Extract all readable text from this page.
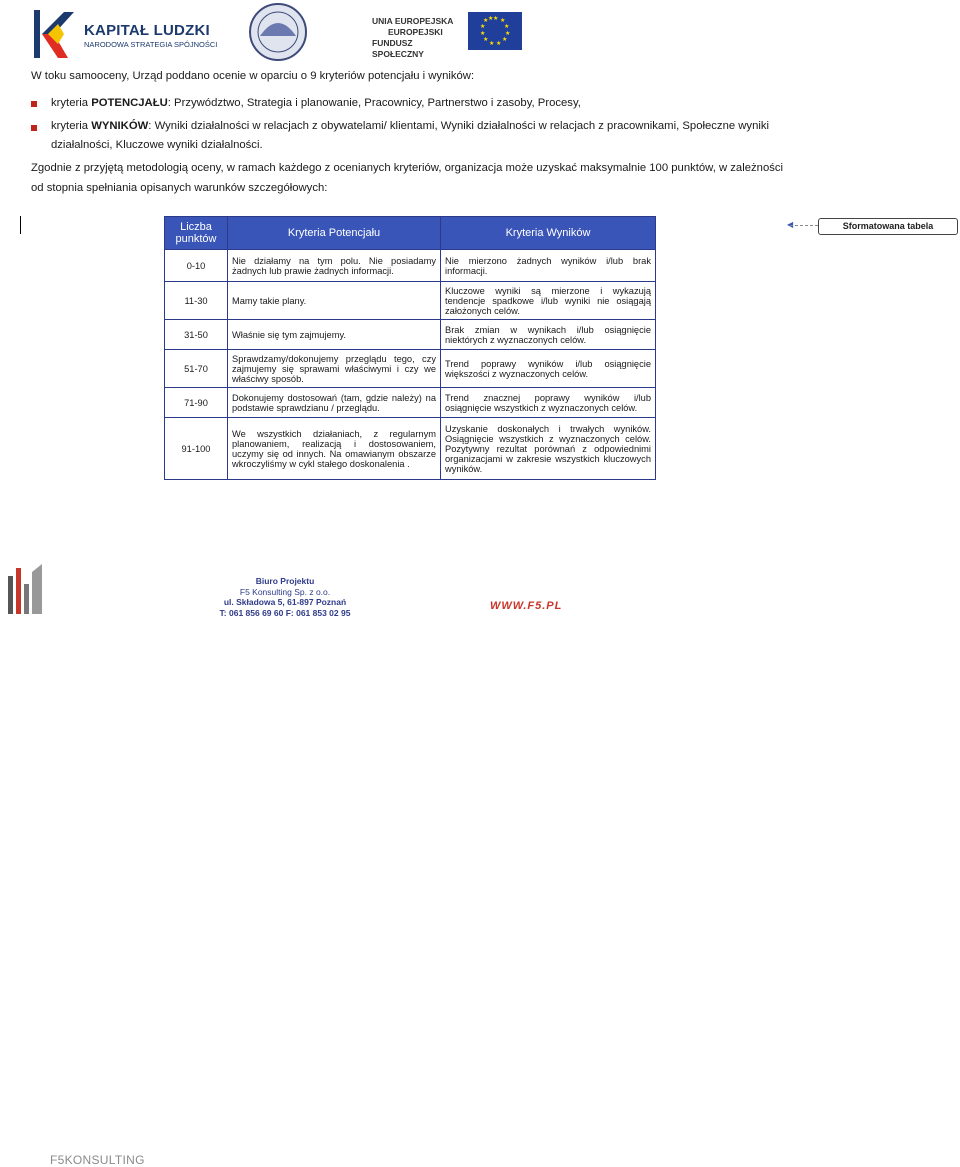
KAPITAŁ LUDZKI
NARODOWA STRATEGIA SPÓJNOŚCI
UNIA EUROPEJSKA
EUROPEJSKI
FUNDUSZ SPOŁECZNY
★ ★
★
★
★
★
★
★
★
★
★ ★
W toku samooceny, Urząd poddano ocenie w oparciu o 9 kryteriów potencjału i wyników:
kryteria POTENCJAŁU: Przywództwo, Strategia i planowanie, Pracownicy, Partnerstwo i zasoby, Procesy,
kryteria WYNIKÓW: Wyniki działalności w relacjach z obywatelami/ klientami, Wyniki działalności w relacjach z pracownikami, Społeczne wyniki
działalności, Kluczowe wyniki działalności.
Zgodnie z przyjętą metodologią oceny, w ramach każdego z ocenianych kryteriów, organizacja może uzyskać maksymalnie 100 punktów, w zależności od stopnia spełniania opisanych warunków szczegółowych:
Liczba punktów	Kryteria Potencjału	Kryteria Wyników
0-10	Nie działamy na tym polu. Nie posiadamy żadnych lub prawie żadnych informacji.	Nie mierzono żadnych wyników i/lub brak informacji.
11-30	Mamy takie plany.	Kluczowe wyniki są mierzone i wykazują tendencje spadkowe i/lub wyniki nie osiągają założonych celów.
31-50	Właśnie się tym zajmujemy.	Brak zmian w wynikach i/lub osiągnięcie niektórych z wyznaczonych celów.
51-70	Sprawdzamy/dokonujemy przeglądu tego, czy zajmujemy się sprawami właściwymi i czy we właściwy sposób.	Trend poprawy wyników i/lub osiągnięcie większości z wyznaczonych celów.
71-90	Dokonujemy dostosowań (tam, gdzie należy) na podstawie sprawdzianu / przeglądu.	Trend znacznej poprawy wyników i/lub osiągnięcie wszystkich z wyznaczonych celów.
91-100	We wszystkich działaniach, z regularnym planowaniem, realizacją i dostosowaniem, uczymy się od innych. Na omawianym obszarze wkroczyliśmy w cykl stałego doskonalenia .	Uzyskanie doskonałych i trwałych wyników. Osiągnięcie wszystkich z wyznaczonych celów. Pozytywny rezultat porównań z odpowiednimi organizacjami w zakresie wszystkich kluczowych wyników.
◀	Sformatowana tabela
F5KONSULTING
Biuro Projektu
F5 Konsulting Sp. z o.o.
ul. Składowa 5, 61-897 Poznań
T: 061 856 69 60 F: 061 853 02 95
WWW.F5.PL
